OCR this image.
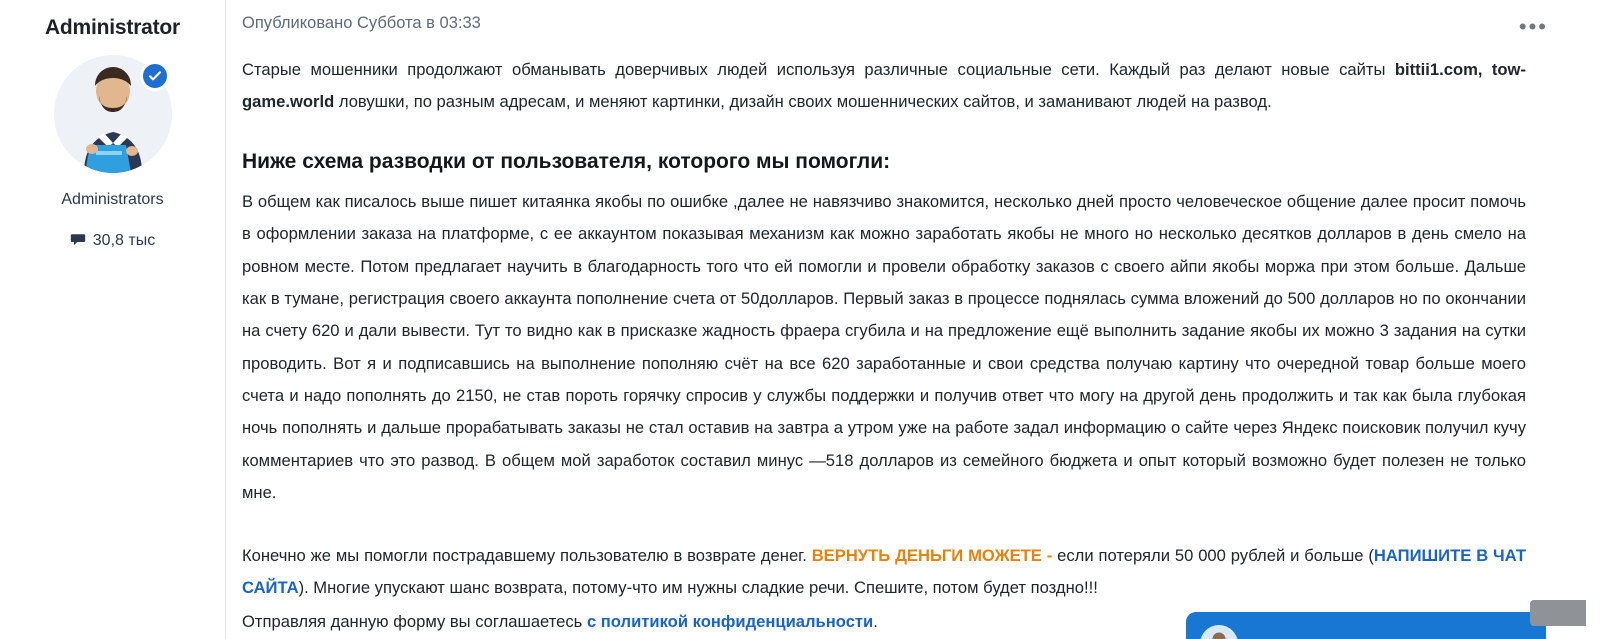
Administrator
Administrators
30,8 тыс
Опубликовано Суббота в 03:33	•••

Старые мошенники продолжают обманывать доверчивых людей используя различные социальные сети. Каждый раз делают новые сайты bittii1.com, tow-game.world ловушки, по разным адресам, и меняют картинки, дизайн своих мошеннических сайтов, и заманивают людей на развод.

Ниже схема разводки от пользователя, которого мы помогли:

В общем как писалось выше пишет китаянка якобы по ошибке ,далее не навязчиво знакомится, несколько дней просто человеческое общение далее просит помочь в оформлении заказа на платформе, с ее аккаунтом показывая механизм как можно заработать якобы не много но несколько десятков долларов в день смело на ровном месте. Потом предлагает научить в благодарность того что ей помогли и провели обработку заказов с своего айпи якобы моржа при этом больше. Дальше как в тумане, регистрация своего аккаунта пополнение счета от 50долларов. Первый заказ в процессе поднялась сумма вложений до 500 долларов но по окончании на счету 620 и дали вывести. Тут то видно как в присказке жадность фраера сгубила и на предложение ещё выполнить задание якобы их можно 3 задания на сутки проводить. Вот я и подписавшись на выполнение пополняю счёт на все 620 заработанные и свои средства получаю картину что очередной товар больше моего счета и надо пополнять до 2150, не став пороть горячку спросив у службы поддержки и получив ответ что могу на другой день продолжить и так как была глубокая ночь пополнять и дальше прорабатывать заказы не стал оставив на завтра а утром уже на работе задал информацию о сайте через Яндекс поисковик получил кучу комментариев что это развод. В общем мой заработок составил минус —518 долларов из семейного бюджета и опыт который возможно будет полезен не только мне.

Конечно же мы помогли пострадавшему пользователю в возврате денег. ВЕРНУТЬ ДЕНЬГИ МОЖЕТЕ - если потеряли 50 000 рублей и больше (НАПИШИТЕ В ЧАТ САЙТА). Многие упускают шанс возврата, потому-что им нужны сладкие речи. Спешите, потом будет поздно!!!

Отправляя данную форму вы соглашаетесь с политикой конфиденциальности.
